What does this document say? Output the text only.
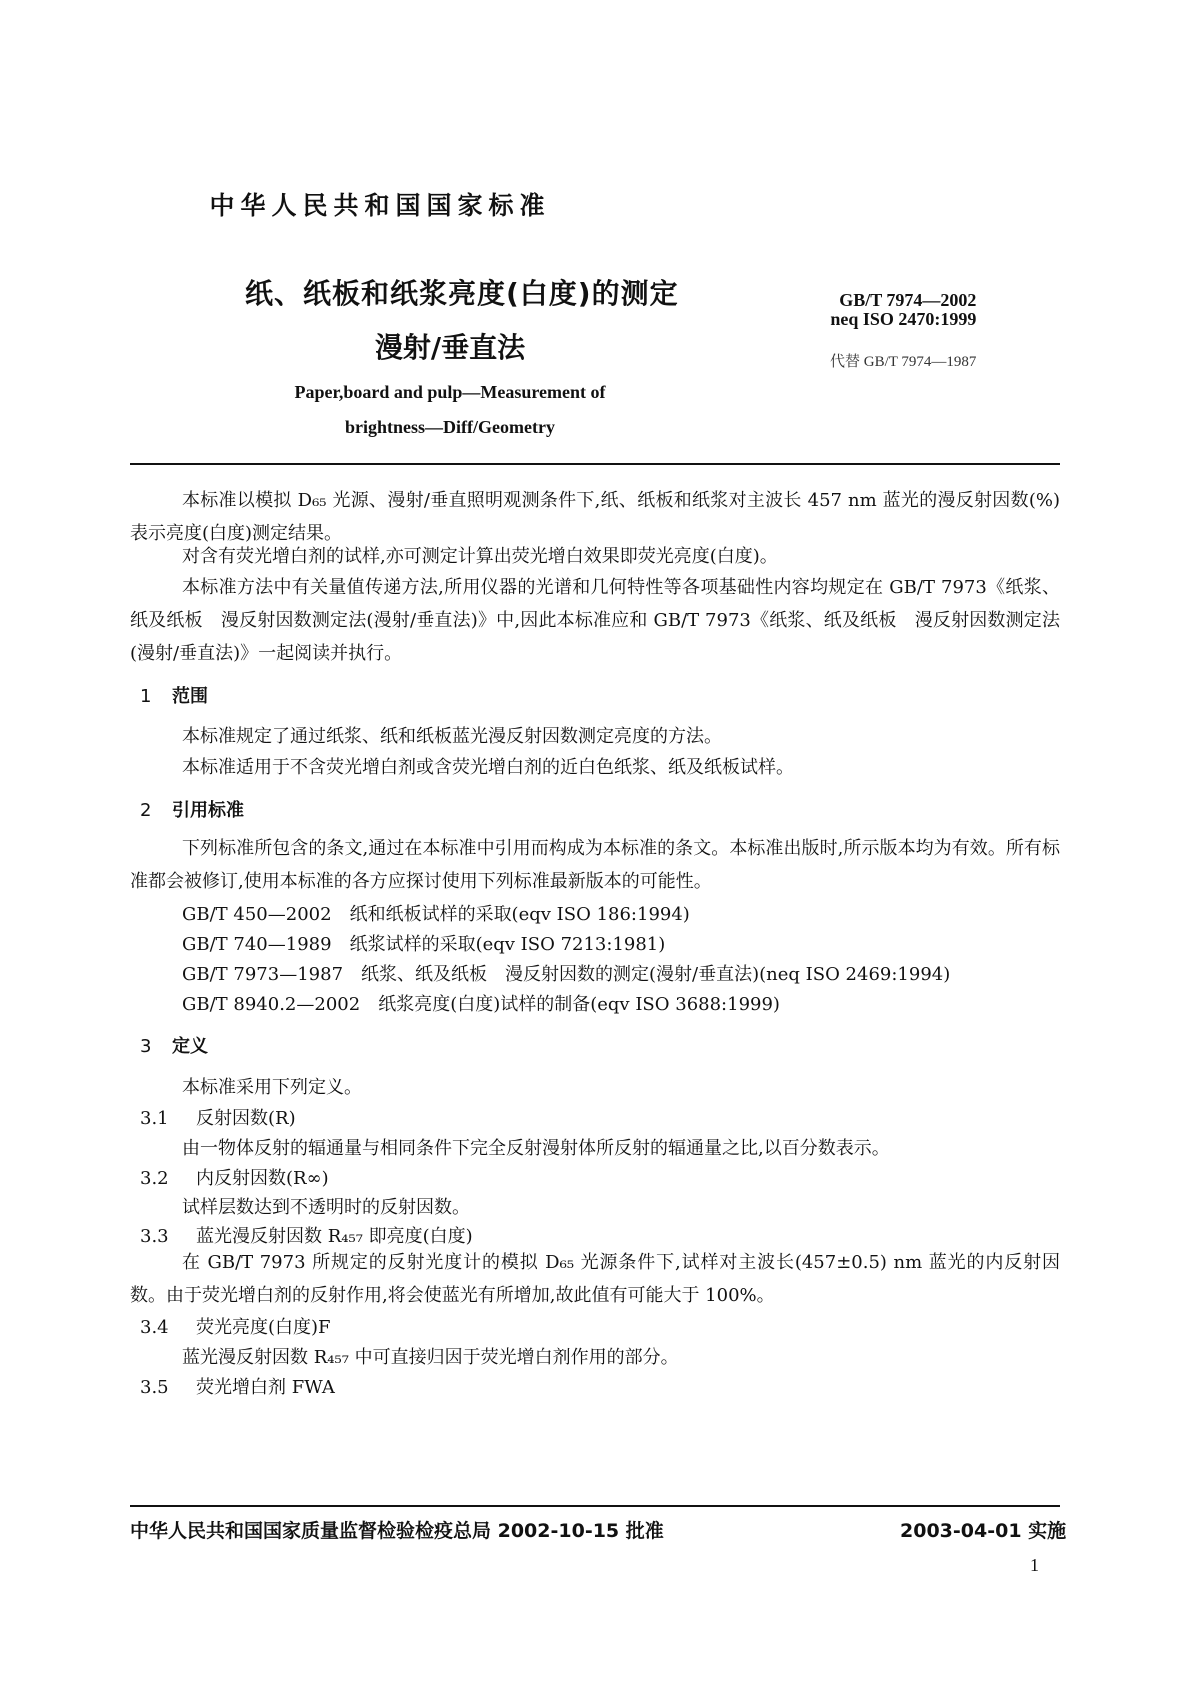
中华人民共和国国家标准
纸、纸板和纸浆亮度(白度)的测定
漫射/垂直法
Paper,board and pulp—Measurement of
brightness—Diff/Geometry
GB/T 7974—2002
neq ISO 2470:1999
代替 GB/T 7974—1987
本标准以模拟 D₆₅ 光源、漫射/垂直照明观测条件下,纸、纸板和纸浆对主波长 457 nm 蓝光的漫反射因数(%)表示亮度(白度)测定结果。
对含有荧光增白剂的试样,亦可测定计算出荧光增白效果即荧光亮度(白度)。
本标准方法中有关量值传递方法,所用仪器的光谱和几何特性等各项基础性内容均规定在 GB/T 7973《纸浆、纸及纸板　漫反射因数测定法(漫射/垂直法)》中,因此本标准应和 GB/T 7973《纸浆、纸及纸板　漫反射因数测定法(漫射/垂直法)》一起阅读并执行。
1 范围
本标准规定了通过纸浆、纸和纸板蓝光漫反射因数测定亮度的方法。
本标准适用于不含荧光增白剂或含荧光增白剂的近白色纸浆、纸及纸板试样。
2 引用标准
下列标准所包含的条文,通过在本标准中引用而构成为本标准的条文。本标准出版时,所示版本均为有效。所有标准都会被修订,使用本标准的各方应探讨使用下列标准最新版本的可能性。
GB/T 450—2002　纸和纸板试样的采取(eqv ISO 186:1994)
GB/T 740—1989　纸浆试样的采取(eqv ISO 7213:1981)
GB/T 7973—1987　纸浆、纸及纸板　漫反射因数的测定(漫射/垂直法)(neq ISO 2469:1994)
GB/T 8940.2—2002　纸浆亮度(白度)试样的制备(eqv ISO 3688:1999)
3 定义
本标准采用下列定义。
3.1 反射因数(R)
由一物体反射的辐通量与相同条件下完全反射漫射体所反射的辐通量之比,以百分数表示。
3.2 内反射因数(R∞)
试样层数达到不透明时的反射因数。
3.3 蓝光漫反射因数 R₄₅₇ 即亮度(白度)
在 GB/T 7973 所规定的反射光度计的模拟 D₆₅ 光源条件下,试样对主波长(457±0.5) nm 蓝光的内反射因数。由于荧光增白剂的反射作用,将会使蓝光有所增加,故此值有可能大于 100%。
3.4 荧光亮度(白度)F
蓝光漫反射因数 R₄₅₇ 中可直接归因于荧光增白剂作用的部分。
3.5 荧光增白剂 FWA
中华人民共和国国家质量监督检验检疫总局 2002-10-15 批准	2003-04-01 实施
1
